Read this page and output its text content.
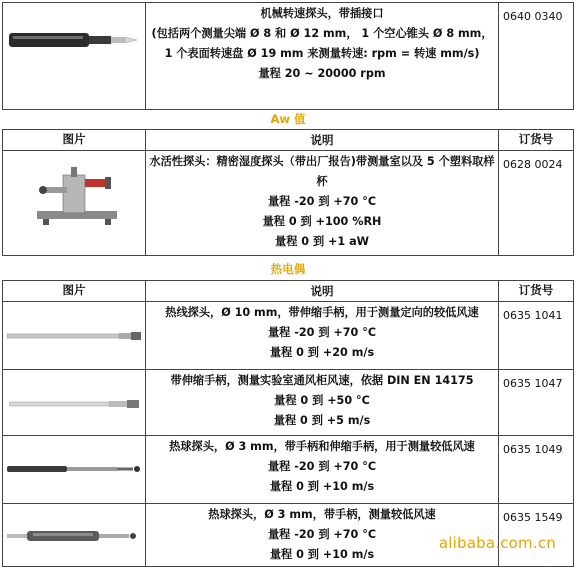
机械转速探头，带插接口
(包括两个测量尖端 Ø 8 和 Ø 12 mm， 1 个空心锥头 Ø 8 mm， 1 个表面转速盘 Ø 19 mm 来测量转速: rpm = 转速 mm/s)
量程 20 ~ 20000 rpm
0640 0340
Aw 值
图片	说明	订货号
水活性探头：精密湿度探头（带出厂报告)带测量室以及 5 个塑料取样杯
量程 -20 到 +70 °C
量程 0 到 +100 %RH
量程 0 到 +1 aW
0628 0024
热电偶
图片	说明	订货号
热线探头，Ø 10 mm，带伸缩手柄，用于测量定向的较低风速
量程 -20 到 +70 °C
量程 0 到 +20 m/s
0635 1041
带伸缩手柄，测量实验室通风柜风速，依据 DIN EN 14175
量程 0 到 +50 °C
量程 0 到 +5 m/s
0635 1047
热球探头，Ø 3 mm，带手柄和伸缩手柄，用于测量较低风速
量程 -20 到 +70 °C
量程 0 到 +10 m/s
0635 1049
热球探头，Ø 3 mm，带手柄，测量较低风速
量程 -20 到 +70 °C
量程 0 到 +10 m/s
0635 1549
alibaba.com.cn
